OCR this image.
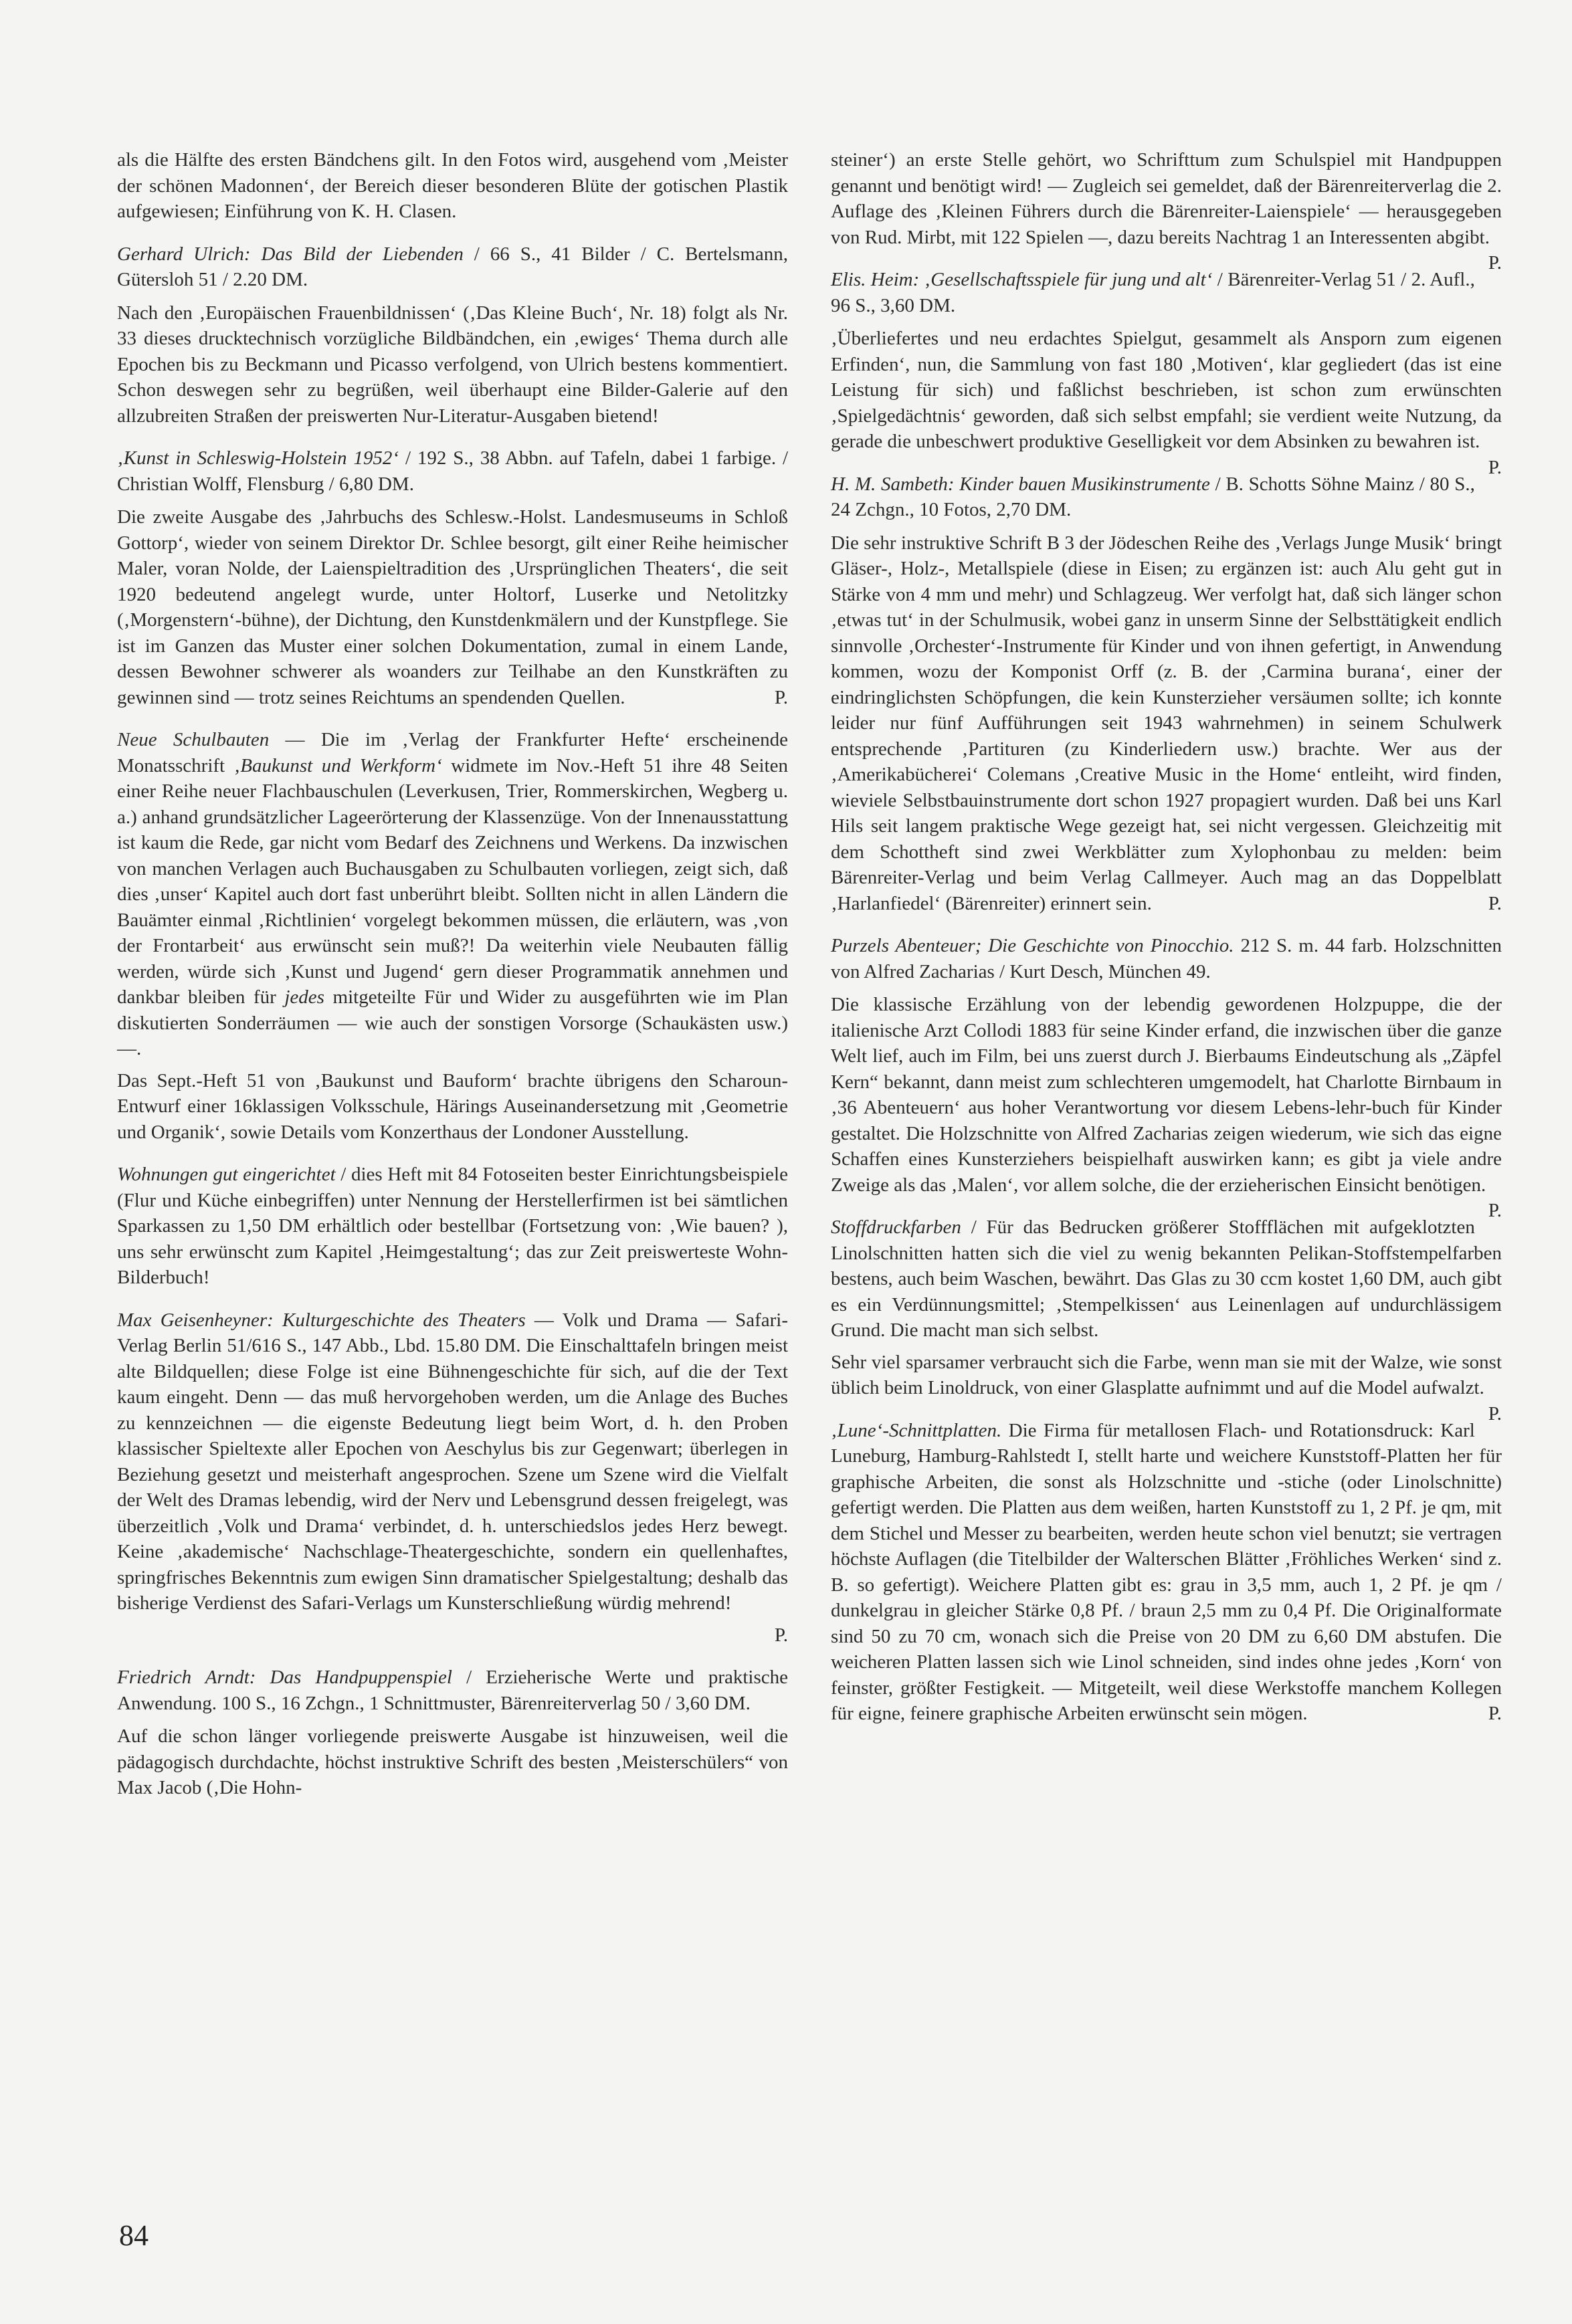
als die Hälfte des ersten Bändchens gilt. In den Fotos wird, ausgehend vom ‚Meister der schönen Madonnen‘, der Bereich dieser besonderen Blüte der gotischen Plastik aufgewiesen; Einführung von K. H. Clasen.

Gerhard Ulrich: Das Bild der Liebenden / 66 S., 41 Bilder / C. Bertelsmann, Gütersloh 51 / 2.20 DM.

Nach den ‚Europäischen Frauenbildnissen‘ (‚Das Kleine Buch‘, Nr. 18) folgt als Nr. 33 dieses drucktechnisch vorzügliche Bildbändchen, ein ‚ewiges‘ Thema durch alle Epochen bis zu Beckmann und Picasso verfolgend, von Ulrich bestens kommentiert. Schon deswegen sehr zu begrüßen, weil überhaupt eine Bilder-Galerie auf den allzubreiten Straßen der preiswerten Nur-Literatur-Ausgaben bietend!

‚Kunst in Schleswig-Holstein 1952‘ / 192 S., 38 Abbn. auf Tafeln, dabei 1 farbige. / Christian Wolff, Flensburg / 6,80 DM.

Die zweite Ausgabe des ‚Jahrbuchs des Schlesw.-Holst. Landesmuseums in Schloß Gottorp‘, wieder von seinem Direktor Dr. Schlee besorgt, gilt einer Reihe heimischer Maler, voran Nolde, der Laienspieltradition des ‚Ursprünglichen Theaters‘, die seit 1920 bedeutend angelegt wurde, unter Holtorf, Luserke und Netolitzky (‚Morgenstern‘-bühne), der Dichtung, den Kunstdenkmälern und der Kunstpflege. Sie ist im Ganzen das Muster einer solchen Dokumentation, zumal in einem Lande, dessen Bewohner schwerer als woanders zur Teilhabe an den Kunstkräften zu gewinnen sind — trotz seines Reichtums an spendenden Quellen.	P.

Neue Schulbauten — Die im ‚Verlag der Frankfurter Hefte‘ erscheinende Monatsschrift ‚Baukunst und Werkform‘ widmete im Nov.-Heft 51 ihre 48 Seiten einer Reihe neuer Flachbauschulen (Leverkusen, Trier, Rommerskirchen, Wegberg u. a.) anhand grundsätzlicher Lageerörterung der Klassenzüge. Von der Innenausstattung ist kaum die Rede, gar nicht vom Bedarf des Zeichnens und Werkens. Da inzwischen von manchen Verlagen auch Buchausgaben zu Schulbauten vorliegen, zeigt sich, daß dies ‚unser‘ Kapitel auch dort fast unberührt bleibt. Sollten nicht in allen Ländern die Bauämter einmal ‚Richtlinien‘ vorgelegt bekommen müssen, die erläutern, was ‚von der Frontarbeit‘ aus erwünscht sein muß?! Da weiterhin viele Neubauten fällig werden, würde sich ‚Kunst und Jugend‘ gern dieser Programmatik annehmen und dankbar bleiben für jedes mitgeteilte Für und Wider zu ausgeführten wie im Plan diskutierten Sonderräumen — wie auch der sonstigen Vorsorge (Schaukästen usw.) —.

Das Sept.-Heft 51 von ‚Baukunst und Bauform‘ brachte übrigens den Scharoun-Entwurf einer 16klassigen Volksschule, Härings Auseinandersetzung mit ‚Geometrie und Organik‘, sowie Details vom Konzerthaus der Londoner Ausstellung.

Wohnungen gut eingerichtet / dies Heft mit 84 Fotoseiten bester Einrichtungsbeispiele (Flur und Küche einbegriffen) unter Nennung der Herstellerfirmen ist bei sämtlichen Sparkassen zu 1,50 DM erhältlich oder bestellbar (Fortsetzung von: ‚Wie bauen? ), uns sehr erwünscht zum Kapitel ‚Heimgestaltung‘; das zur Zeit preiswerteste Wohn-Bilderbuch!

Max Geisenheyner: Kulturgeschichte des Theaters — Volk und Drama — Safari-Verlag Berlin 51/616 S., 147 Abb., Lbd. 15.80 DM. Die Einschalttafeln bringen meist alte Bildquellen; diese Folge ist eine Bühnengeschichte für sich, auf die der Text kaum eingeht. Denn — das muß hervorgehoben werden, um die Anlage des Buches zu kennzeichnen — die eigenste Bedeutung liegt beim Wort, d. h. den Proben klassischer Spieltexte aller Epochen von Aeschylus bis zur Gegenwart; überlegen in Beziehung gesetzt und meisterhaft angesprochen. Szene um Szene wird die Vielfalt der Welt des Dramas lebendig, wird der Nerv und Lebensgrund dessen freigelegt, was überzeitlich ‚Volk und Drama‘ verbindet, d. h. unterschiedslos jedes Herz bewegt. Keine ‚akademische‘ Nachschlage-Theatergeschichte, sondern ein quellenhaftes, springfrisches Bekenntnis zum ewigen Sinn dramatischer Spielgestaltung; deshalb das bisherige Verdienst des Safari-Verlags um Kunsterschließung würdig mehrend!

P.

Friedrich Arndt: Das Handpuppenspiel / Erzieherische Werte und praktische Anwendung. 100 S., 16 Zchgn., 1 Schnittmuster, Bärenreiterverlag 50 / 3,60 DM.

Auf die schon länger vorliegende preiswerte Ausgabe ist hinzuweisen, weil die pädagogisch durchdachte, höchst instruktive Schrift des besten ‚Meisterschülers“ von Max Jacob (‚Die Hohn-

steiner‘) an erste Stelle gehört, wo Schrifttum zum Schulspiel mit Handpuppen genannt und benötigt wird! — Zugleich sei gemeldet, daß der Bärenreiterverlag die 2. Auflage des ‚Kleinen Führers durch die Bärenreiter-Laienspiele‘ — herausgegeben von Rud. Mirbt, mit 122 Spielen —, dazu bereits Nachtrag 1 an Interessenten abgibt.
P.

Elis. Heim: ‚Gesellschaftsspiele für jung und alt‘ / Bärenreiter-Verlag 51 / 2. Aufl., 96 S., 3,60 DM.

‚Überliefertes und neu erdachtes Spielgut, gesammelt als Ansporn zum eigenen Erfinden‘, nun, die Sammlung von fast 180 ‚Motiven‘, klar gegliedert (das ist eine Leistung für sich) und faßlichst beschrieben, ist schon zum erwünschten ‚Spielgedächtnis‘ geworden, daß sich selbst empfahl; sie verdient weite Nutzung, da gerade die unbeschwert produktive Geselligkeit vor dem Absinken zu bewahren ist.
P.

H. M. Sambeth: Kinder bauen Musikinstrumente / B. Schotts Söhne Mainz / 80 S., 24 Zchgn., 10 Fotos, 2,70 DM.

Die sehr instruktive Schrift B 3 der Jödeschen Reihe des ‚Verlags Junge Musik‘ bringt Gläser-, Holz-, Metallspiele (diese in Eisen; zu ergänzen ist: auch Alu geht gut in Stärke von 4 mm und mehr) und Schlagzeug. Wer verfolgt hat, daß sich länger schon ‚etwas tut‘ in der Schulmusik, wobei ganz in unserm Sinne der Selbsttätigkeit endlich sinnvolle ‚Orchester‘-Instrumente für Kinder und von ihnen gefertigt, in Anwendung kommen, wozu der Komponist Orff (z. B. der ‚Carmina burana‘, einer der eindringlichsten Schöpfungen, die kein Kunsterzieher versäumen sollte; ich konnte leider nur fünf Aufführungen seit 1943 wahrnehmen) in seinem Schulwerk entsprechende ‚Partituren (zu Kinderliedern usw.) brachte. Wer aus der ‚Amerikabücherei‘ Colemans ‚Creative Music in the Home‘ entleiht, wird finden, wieviele Selbstbauinstrumente dort schon 1927 propagiert wurden. Daß bei uns Karl Hils seit langem praktische Wege gezeigt hat, sei nicht vergessen. Gleichzeitig mit dem Schottheft sind zwei Werkblätter zum Xylophonbau zu melden: beim Bärenreiter-Verlag und beim Verlag Callmeyer. Auch mag an das Doppelblatt ‚Harlanfiedel‘ (Bärenreiter) erinnert sein.	P.

Purzels Abenteuer; Die Geschichte von Pinocchio. 212 S. m. 44 farb. Holzschnitten von Alfred Zacharias / Kurt Desch, München 49.

Die klassische Erzählung von der lebendig gewordenen Holzpuppe, die der italienische Arzt Collodi 1883 für seine Kinder erfand, die inzwischen über die ganze Welt lief, auch im Film, bei uns zuerst durch J. Bierbaums Eindeutschung als „Zäpfel Kern“ bekannt, dann meist zum schlechteren umgemodelt, hat Charlotte Birnbaum in ‚36 Abenteuern‘ aus hoher Verantwortung vor diesem Lebens-lehr-buch für Kinder gestaltet. Die Holzschnitte von Alfred Zacharias zeigen wiederum, wie sich das eigne Schaffen eines Kunsterziehers beispielhaft auswirken kann; es gibt ja viele andre Zweige als das ‚Malen‘, vor allem solche, die der erzieherischen Einsicht benötigen.
P.

Stoffdruckfarben / Für das Bedrucken größerer Stoffflächen mit aufgeklotzten Linolschnitten hatten sich die viel zu wenig bekannten Pelikan-Stoffstempelfarben bestens, auch beim Waschen, bewährt. Das Glas zu 30 ccm kostet 1,60 DM, auch gibt es ein Verdünnungsmittel; ‚Stempelkissen‘ aus Leinenlagen auf undurchlässigem Grund. Die macht man sich selbst.

Sehr viel sparsamer verbraucht sich die Farbe, wenn man sie mit der Walze, wie sonst üblich beim Linoldruck, von einer Glasplatte aufnimmt und auf die Model aufwalzt.
P.

‚Lune‘-Schnittplatten. Die Firma für metallosen Flach- und Rotationsdruck: Karl Luneburg, Hamburg-Rahlstedt I, stellt harte und weichere Kunststoff-Platten her für graphische Arbeiten, die sonst als Holzschnitte und -stiche (oder Linolschnitte) gefertigt werden. Die Platten aus dem weißen, harten Kunststoff zu 1, 2 Pf. je qm, mit dem Stichel und Messer zu bearbeiten, werden heute schon viel benutzt; sie vertragen höchste Auflagen (die Titelbilder der Walterschen Blätter ‚Fröhliches Werken‘ sind z. B. so gefertigt). Weichere Platten gibt es: grau in 3,5 mm, auch 1, 2 Pf. je qm / dunkelgrau in gleicher Stärke 0,8 Pf. / braun 2,5 mm zu 0,4 Pf. Die Originalformate sind 50 zu 70 cm, wonach sich die Preise von 20 DM zu 6,60 DM abstufen. Die weicheren Platten lassen sich wie Linol schneiden, sind indes ohne jedes ‚Korn‘ von feinster, größter Festigkeit. — Mitgeteilt, weil diese Werkstoffe manchem Kollegen für eigne, feinere graphische Arbeiten erwünscht sein mögen.	P.

84
